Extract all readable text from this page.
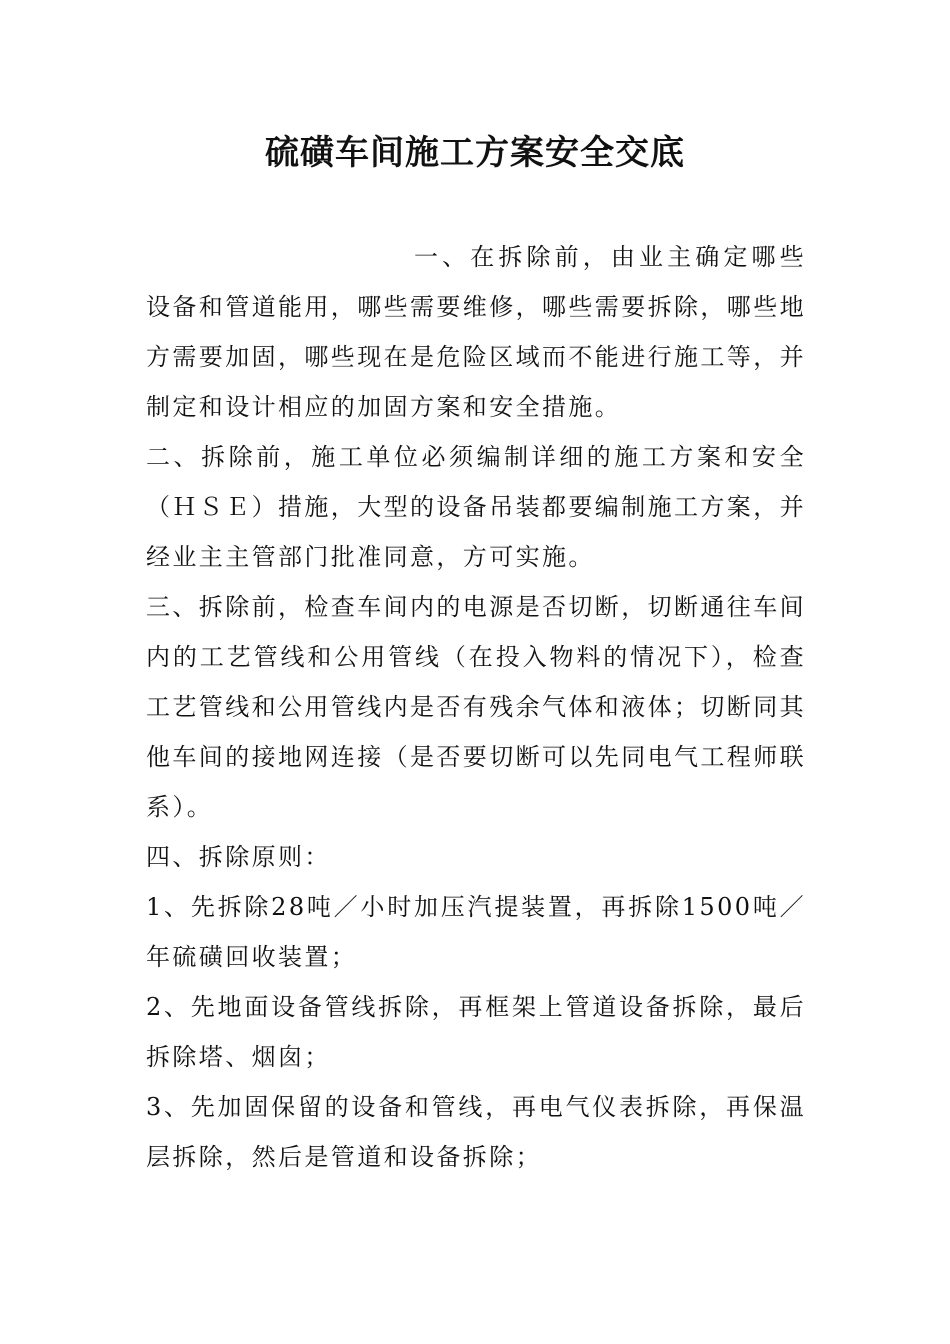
硫磺车间施工方案安全交底

一、在拆除前，由业主确定哪些设备和管道能用，哪些需要维修，哪些需要拆除，哪些地方需要加固，哪些现在是危险区域而不能进行施工等，并制定和设计相应的加固方案和安全措施。

二、拆除前，施工单位必须编制详细的施工方案和安全（ＨＳＥ）措施，大型的设备吊装都要编制施工方案，并经业主主管部门批准同意，方可实施。

三、拆除前，检查车间内的电源是否切断，切断通往车间内的工艺管线和公用管线（在投入物料的情况下），检查工艺管线和公用管线内是否有残余气体和液体；切断同其他车间的接地网连接（是否要切断可以先同电气工程师联系）。

四、拆除原则：

1、先拆除28吨／小时加压汽提装置，再拆除1500吨／年硫磺回收装置；

2、先地面设备管线拆除，再框架上管道设备拆除，最后拆除塔、烟囱；

3、先加固保留的设备和管线，再电气仪表拆除，再保温层拆除，然后是管道和设备拆除；
